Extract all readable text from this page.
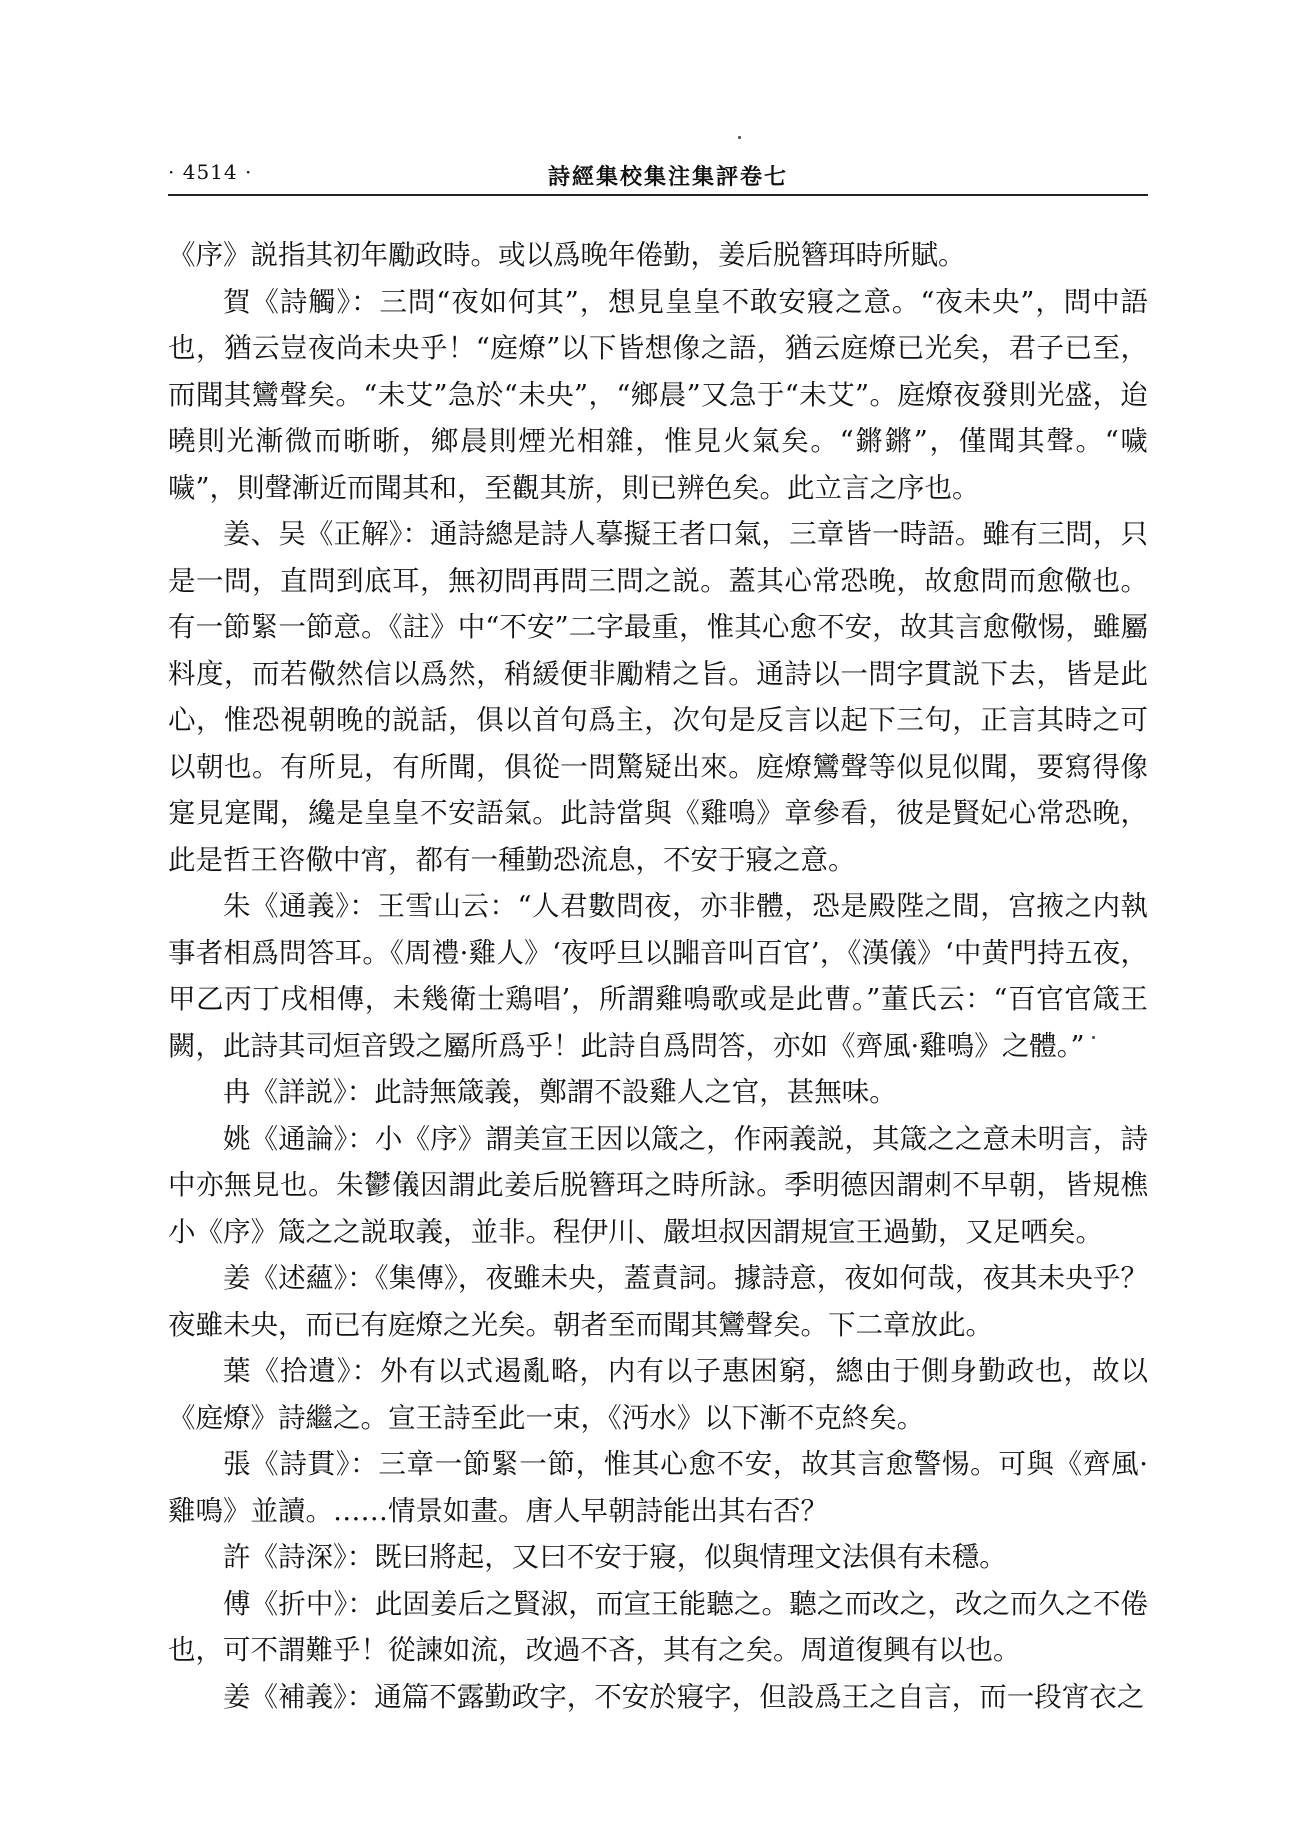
· 4514 ·	詩經集校集注集評卷七

《序》説指其初年勵政時。或以爲晚年倦勤，姜后脱簪珥時所賦。

賀《詩觸》：三問“夜如何其”，想見皇皇不敢安寢之意。“夜未央”，問中語也，猶云豈夜尚未央乎！“庭燎”以下皆想像之語，猶云庭燎已光矣，君子已至，而聞其鸞聲矣。“未艾”急於“未央”，“鄉晨”又急于“未艾”。庭燎夜發則光盛，迨曉則光漸微而晣晣，鄉晨則煙光相雜，惟見火氣矣。“鏘鏘”，僅聞其聲。“噦噦”，則聲漸近而聞其和，至觀其旂，則已辨色矣。此立言之序也。

姜、吴《正解》：通詩總是詩人摹擬王者口氣，三章皆一時語。雖有三問，只是一問，直問到底耳，無初問再問三問之説。蓋其心常恐晚，故愈問而愈儆也。有一節緊一節意。《註》中“不安”二字最重，惟其心愈不安，故其言愈儆惕，雖屬料度，而若儆然信以爲然，稍緩便非勵精之旨。通詩以一問字貫説下去，皆是此心，惟恐視朝晚的説話，俱以首句爲主，次句是反言以起下三句，正言其時之可以朝也。有所見，有所聞，俱從一問驚疑出來。庭燎鸞聲等似見似聞，要寫得像寔見寔聞，纔是皇皇不安語氣。此詩當與《雞鳴》章參看，彼是賢妃心常恐晚，此是哲王咨儆中宵，都有一種勤恐流息，不安于寢之意。

朱《通義》：王雪山云：“人君數問夜，亦非體，恐是殿陛之間，宫掖之内執事者相爲問答耳。《周禮·雞人》‘夜呼旦以嘂音叫百官’，《漢儀》‘中黄門持五夜，甲乙丙丁戌相傳，未幾衛士鶏唱’，所謂雞鳴歌或是此曹。”董氏云：“百官官箴王闕，此詩其司烜音毁之屬所爲乎！此詩自爲問答，亦如《齊風·雞鳴》之體。”

冉《詳説》：此詩無箴義，鄭謂不設雞人之官，甚無味。

姚《通論》：小《序》謂美宣王因以箴之，作兩義説，其箴之之意未明言，詩中亦無見也。朱鬱儀因謂此姜后脱簪珥之時所詠。季明德因謂刺不早朝，皆規樵小《序》箴之之説取義，並非。程伊川、嚴坦叔因謂規宣王過勤，又足哂矣。

姜《述蘊》：《集傳》，夜雖未央，蓋責詞。據詩意，夜如何哉，夜其未央乎？夜雖未央，而已有庭燎之光矣。朝者至而聞其鸞聲矣。下二章放此。

葉《拾遺》：外有以式遏亂略，内有以子惠困窮，總由于側身勤政也，故以《庭燎》詩繼之。宣王詩至此一束，《沔水》以下漸不克終矣。

張《詩貫》：三章一節緊一節，惟其心愈不安，故其言愈警惕。可與《齊風·雞鳴》並讀。……情景如畫。唐人早朝詩能出其右否？

許《詩深》：既曰將起，又曰不安于寢，似與情理文法俱有未穩。

傅《折中》：此固姜后之賢淑，而宣王能聽之。聽之而改之，改之而久之不倦也，可不謂難乎！從諫如流，改過不吝，其有之矣。周道復興有以也。

姜《補義》：通篇不露勤政字，不安於寢字，但設爲王之自言，而一段宵衣之
